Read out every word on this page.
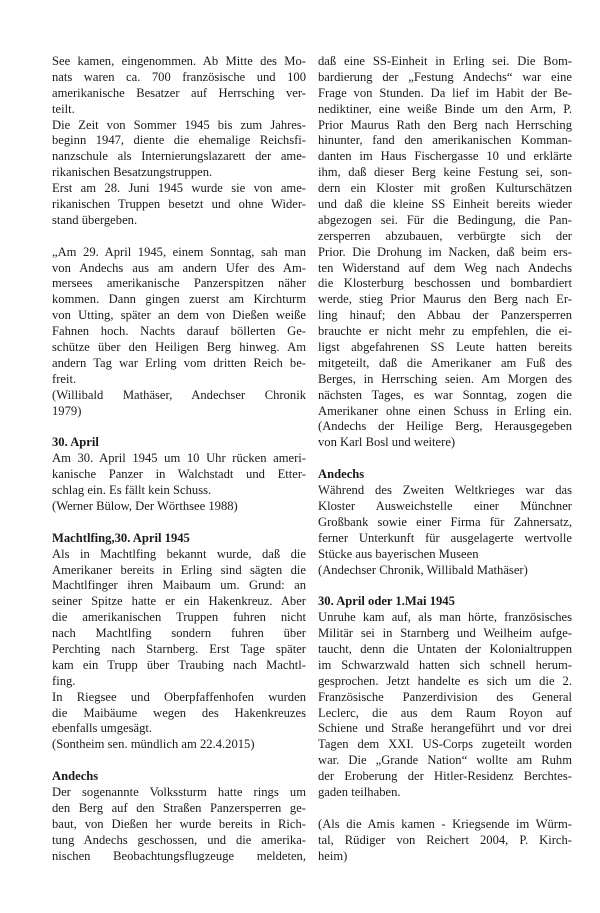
See kamen, eingenommen. Ab Mitte des Mo-
nats waren ca. 700 französische und 100
amerikanische Besatzer auf Herrsching ver-
teilt.
Die Zeit von Sommer 1945 bis zum Jahres-
beginn 1947, diente die ehemalige Reichsfi-
nanzschule als Internierungslazarett der ame-
rikanischen Besatzungstruppen.
Erst am 28. Juni 1945 wurde sie von ame-
rikanischen Truppen besetzt und ohne Wider-
stand übergeben.
„Am 29. April 1945, einem Sonntag, sah man
von Andechs aus am andern Ufer des Am-
mersees amerikanische Panzerspitzen näher
kommen. Dann gingen zuerst am Kirchturm
von Utting, später an dem von Dießen weiße
Fahnen hoch. Nachts darauf böllerten Ge-
schütze über den Heiligen Berg hinweg. Am
andern Tag war Erling vom dritten Reich be-
freit.
(Willibald Mathäser, Andechser Chronik
1979)
30. April
Am 30. April 1945 um 10 Uhr rücken ameri-
kanische Panzer in Walchstadt und Etter-
schlag ein. Es fällt kein Schuss.
(Werner Bülow, Der Wörthsee 1988)
Machtlfing,30. April 1945
Als in Machtlfing bekannt wurde, daß die
Amerikaner bereits in Erling sind sägten die
Machtlfinger ihren Maibaum um. Grund: an
seiner Spitze hatte er ein Hakenkreuz. Aber
die amerikanischen Truppen fuhren nicht
nach Machtlfing sondern fuhren über
Perchting nach Starnberg. Erst Tage später
kam ein Trupp über Traubing nach Machtl-
fing.
In Riegsee und Oberpfaffenhofen wurden
die Maibäume wegen des Hakenkreuzes
ebenfalls umgesägt.
(Sontheim sen. mündlich am 22.4.2015)
Andechs
Der sogenannte Volkssturm hatte rings um
den Berg auf den Straßen Panzersperren ge-
baut, von Dießen her wurde bereits in Rich-
tung Andechs geschossen, und die amerika-
nischen Beobachtungsflugzeuge meldeten,
daß eine SS-Einheit in Erling sei. Die Bom-
bardierung der „Festung Andechs“ war eine
Frage von Stunden. Da lief im Habit der Be-
nediktiner, eine weiße Binde um den Arm, P.
Prior Maurus Rath den Berg nach Herrsching
hinunter, fand den amerikanischen Komman-
danten im Haus Fischergasse 10 und erklärte
ihm, daß dieser Berg keine Festung sei, son-
dern ein Kloster mit großen Kulturschätzen
und daß die kleine SS Einheit bereits wieder
abgezogen sei. Für die Bedingung, die Pan-
zersperren abzubauen, verbürgte sich der
Prior. Die Drohung im Nacken, daß beim ers-
ten Widerstand auf dem Weg nach Andechs
die Klosterburg beschossen und bombardiert
werde, stieg Prior Maurus den Berg nach Er-
ling hinauf; den Abbau der Panzersperren
brauchte er nicht mehr zu empfehlen, die ei-
ligst abgefahrenen SS Leute hatten bereits
mitgeteilt, daß die Amerikaner am Fuß des
Berges, in Herrsching seien. Am Morgen des
nächsten Tages, es war Sonntag, zogen die
Amerikaner ohne einen Schuss in Erling ein.
(Andechs der Heilige Berg, Herausgegeben
von Karl Bosl und weitere)
Andechs
Während des Zweiten Weltkrieges war das
Kloster Ausweichstelle einer Münchner
Großbank sowie einer Firma für Zahnersatz,
ferner Unterkunft für ausgelagerte wertvolle
Stücke aus bayerischen Museen
(Andechser Chronik, Willibald Mathäser)
30. April oder 1.Mai 1945
Unruhe kam auf, als man hörte, französisches
Militär sei in Starnberg und Weilheim aufge-
taucht, denn die Untaten der Kolonialtruppen
im Schwarzwald hatten sich schnell herum-
gesprochen. Jetzt handelte es sich um die 2.
Französische Panzerdivision des General
Leclerc, die aus dem Raum Royon auf
Schiene und Straße herangeführt und vor drei
Tagen dem XXI. US-Corps zugeteilt worden
war. Die „Grande Nation“ wollte am Ruhm
der Eroberung der Hitler-Residenz Berchtes-
gaden teilhaben.
(Als die Amis kamen - Kriegsende im Würm-
tal, Rüdiger von Reichert 2004, P. Kirch-
heim)
